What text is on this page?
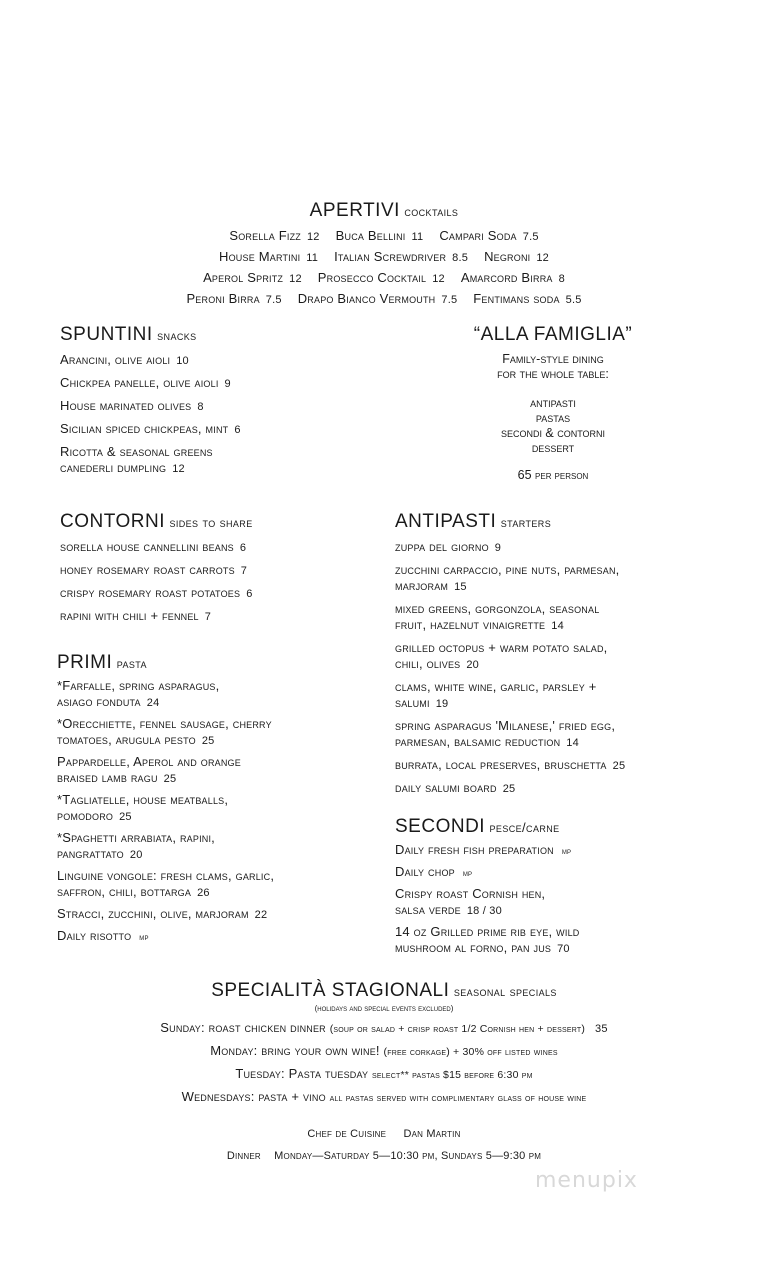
APERTIVI cocktails
Sorella Fizz 12 Buca Bellini 11 Campari Soda 7.5
House Martini 11 Italian Screwdriver 8.5 Negroni 12
Aperol Spritz 12 Prosecco Cocktail 12 Amarcord Birra 8
Peroni Birra 7.5 Drapo Bianco Vermouth 7.5 Fentimans soda 5.5
SPUNTINI snacks
Arancini, olive aioli 10
Chickpea panelle, olive aioli 9
House marinated olives 8
Sicilian spiced chickpeas, mint 6
Ricotta & seasonal greens
canederli dumpling 12
“ALLA FAMIGLIA”
Family-style dining
for the whole table:
antipasti
pastas
secondi & contorni
dessert
65 per person
CONTORNI sides to share
sorella house cannellini beans 6
honey rosemary roast carrots 7
crispy rosemary roast potatoes 6
rapini with chili + fennel 7
PRIMI pasta
*Farfalle, spring asparagus,
asiago fonduta 24
*Orecchiette, fennel sausage, cherry
tomatoes, arugula pesto 25
Pappardelle, Aperol and orange
braised lamb ragu 25
*Tagliatelle, house meatballs,
pomodoro 25
*Spaghetti arrabiata, rapini,
pangrattato 20
Linguine vongole: fresh clams, garlic,
saffron, chili, bottarga 26
Stracci, zucchini, olive, marjoram 22
Daily risotto mp
ANTIPASTI starters
zuppa del giorno 9
zucchini carpaccio, pine nuts, parmesan,
marjoram 15
mixed greens, gorgonzola, seasonal
fruit, hazelnut vinaigrette 14
grilled octopus + warm potato salad,
chili, olives 20
clams, white wine, garlic, parsley +
salumi 19
spring asparagus 'Milanese,' fried egg,
parmesan, balsamic reduction 14
burrata, local preserves, bruschetta 25
daily salumi board 25
SECONDI pesce/carne
Daily fresh fish preparation mp
Daily chop mp
Crispy roast Cornish hen,
salsa verde 18 / 30
14 oz Grilled prime rib eye, wild
mushroom al forno, pan jus 70
SPECIALITÀ STAGIONALI seasonal specials
(holidays and special events excluded)
Sunday: roast chicken dinner (soup or salad + crisp roast 1/2 Cornish hen + dessert) 35
Monday: bring your own wine! (free corkage) + 30% off listed wines
Tuesday: Pasta tuesday select** pastas $15 before 6:30 pm
Wednesdays: pasta + vino all pastas served with complimentary glass of house wine
Chef de Cuisine Dan Martin
Dinner Monday—Saturday 5—10:30 pm, Sundays 5—9:30 pm
menupix
